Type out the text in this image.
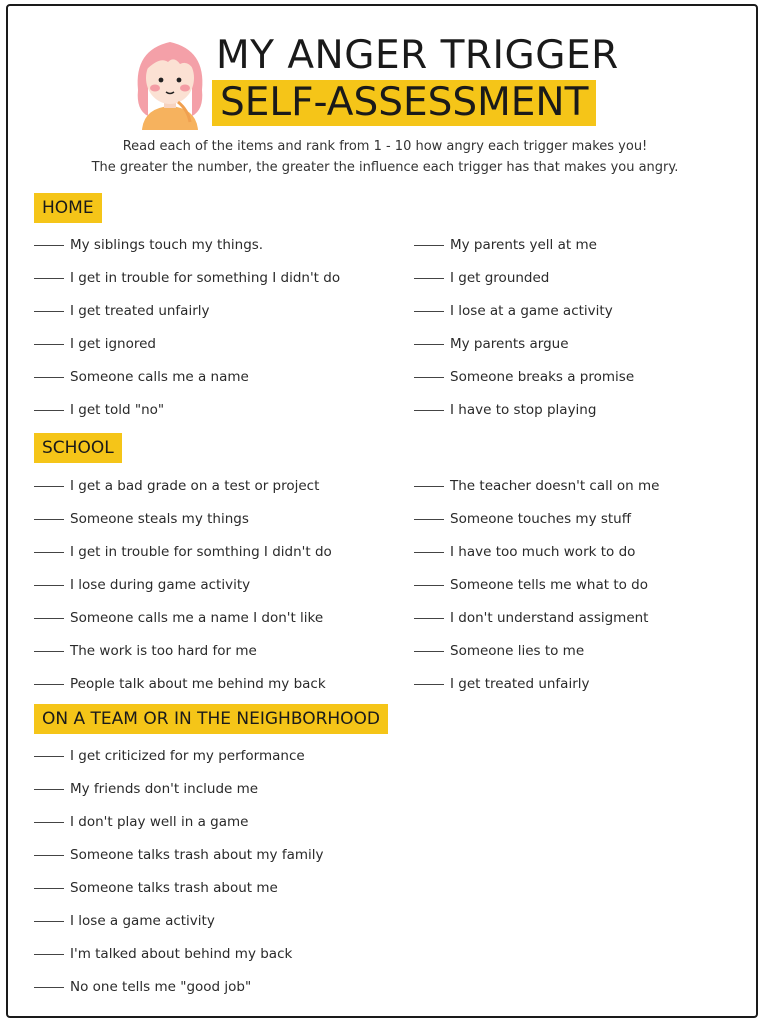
MY ANGER TRIGGER
SELF-ASSESSMENT
Read each of the items and rank from 1 - 10 how angry each trigger makes you!
The greater the number, the greater the influence each trigger has that makes you angry.
HOME
My siblings touch my things.
I get in trouble for something I didn't do
I get treated unfairly
I get ignored
Someone calls me a name
I get told "no"
My parents yell at me
I get grounded
I lose at a game activity
My parents argue
Someone breaks a promise
I have to stop playing
SCHOOL
I get a bad grade on a test or project
Someone steals my things
I get in trouble for somthing I didn't do
I lose during game activity
Someone calls me a name I don't like
The work is too hard for me
People talk about me behind my back
The teacher doesn't call on me
Someone touches my stuff
I have too much work to do
Someone tells me what to do
I don't understand assigment
Someone lies to me
I get treated unfairly
ON A TEAM OR IN THE NEIGHBORHOOD
I get criticized for my performance
My friends don't include me
I don't play well in a game
Someone talks trash about my family
Someone talks trash about me
I lose a game activity
I'm talked about behind my back
No one tells me "good job"
